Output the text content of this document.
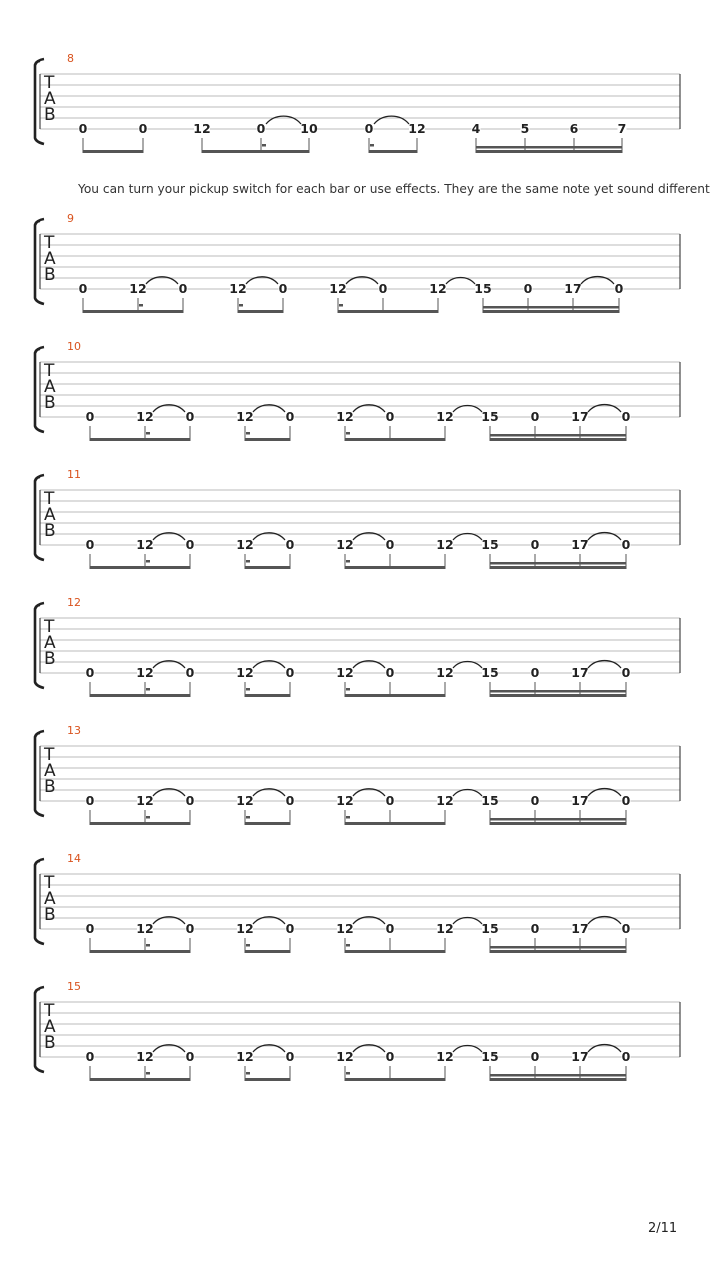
8
T
A
B
0	0	12	0	10	0	12	4	5	6	7
9
T
A
B
0	12	0	12	0	12	0	12 15	0	17	0
10
T
A
B
0	12	0	12	0	12	0	12 15	0	17	0
11
T
A
B
0	12	0	12	0	12	0	12 15	0	17	0
12
T
A
B
0	12	0	12	0	12	0	12 15	0	17	0
13
T
A
B
0	12	0	12	0	12	0	12 15	0	17	0
14
T
A
B
0	12	0	12	0	12	0	12 15	0	17	0
15
T
A
B
0	12	0	12	0	12	0	12 15	0	17	0
You can turn your pickup switch for each bar or use effects. They are the same note yet sound different
2/11
